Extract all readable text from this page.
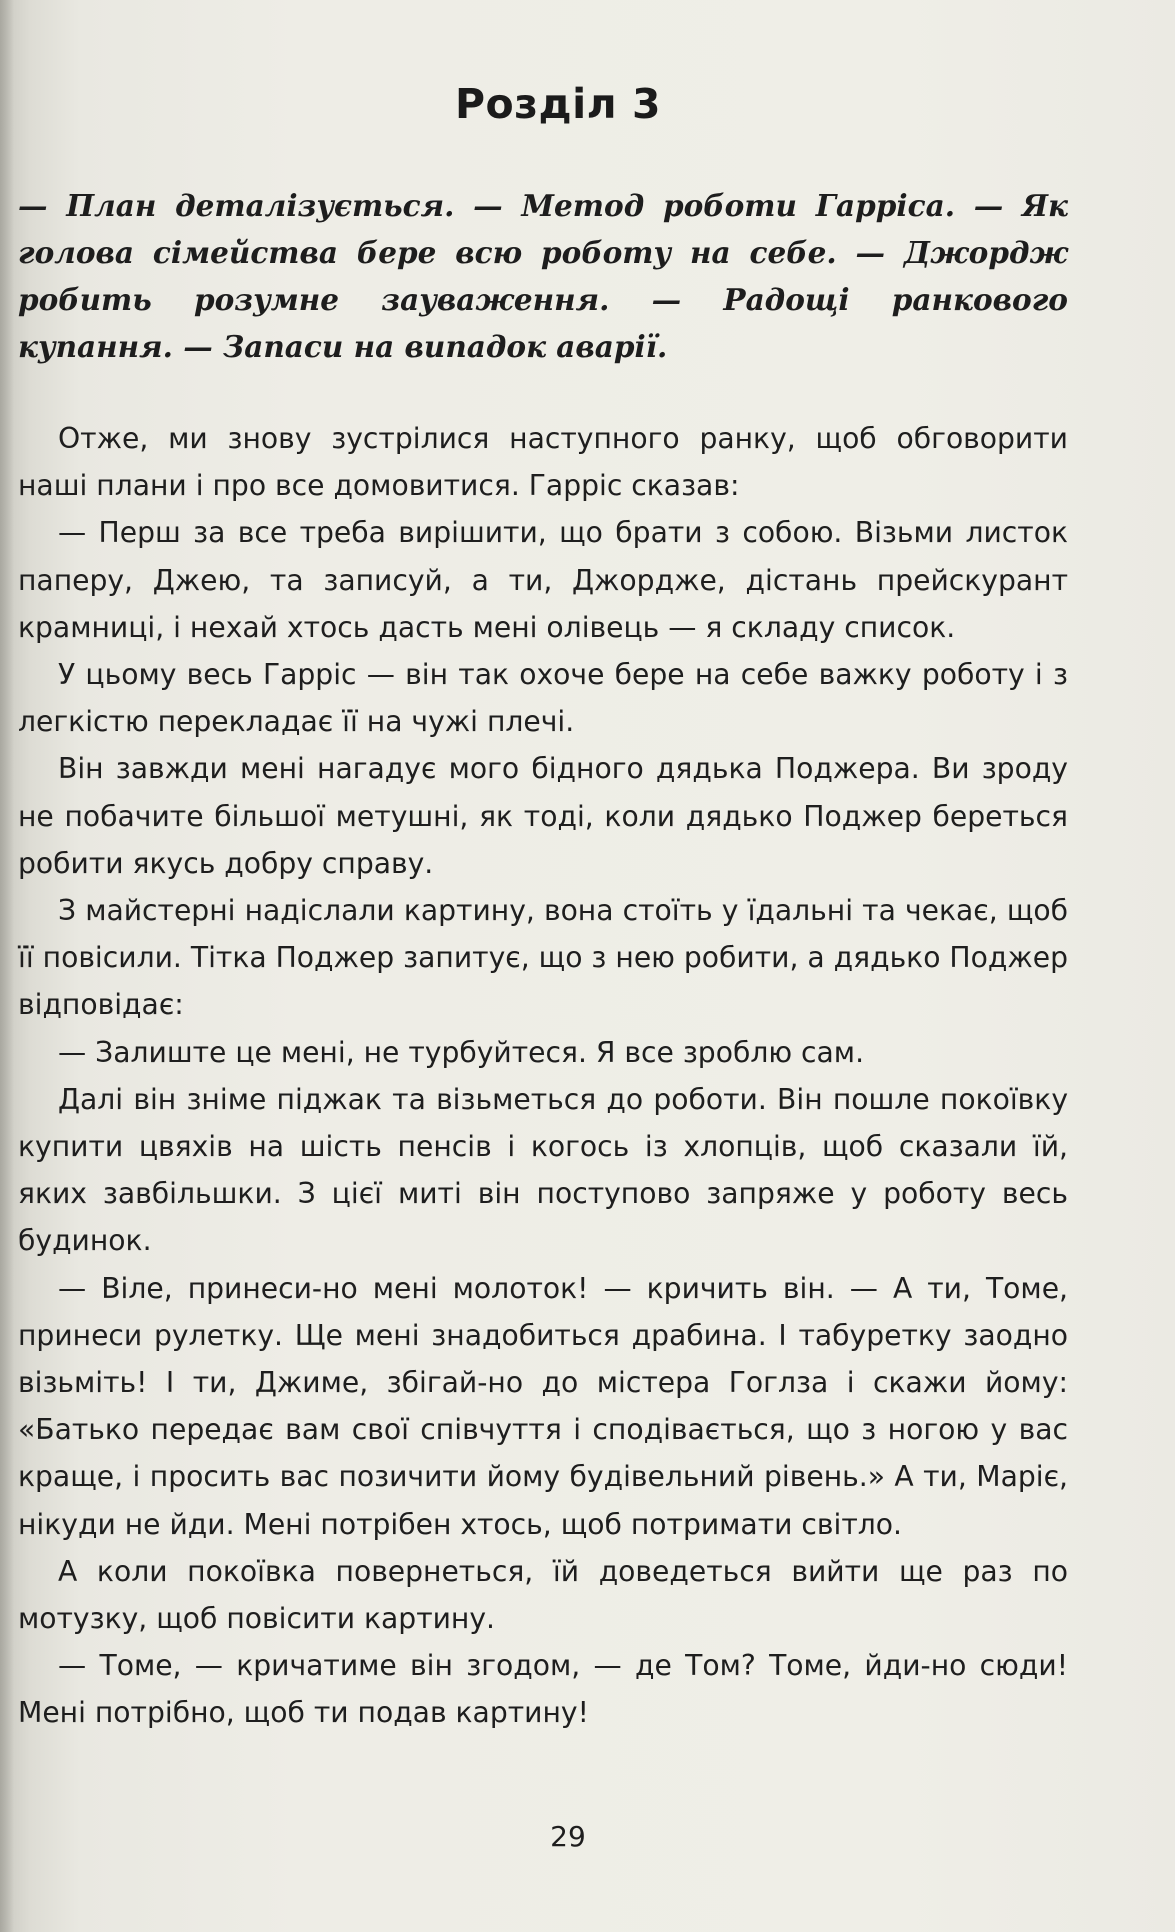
Розділ 3
— План деталізується. — Метод роботи Гарріса. — Як голова сімейства бере всю роботу на себе. — Джордж робить розумне зауваження. — Радощі ранкового купання. — Запаси на випадок аварії.

Отже, ми знову зустрілися наступного ранку, щоб обговорити наші плани і про все домовитися. Гарріс сказав:

— Перш за все треба вирішити, що брати з собою. Візьми листок паперу, Джею, та записуй, а ти, Джордже, дістань прейскурант крамниці, і нехай хтось дасть мені олівець — я складу список.

У цьому весь Гарріс — він так охоче бере на себе важку роботу і з легкістю перекладає її на чужі плечі.

Він завжди мені нагадує мого бідного дядька Поджера. Ви зроду не побачите більшої метушні, як тоді, коли дядько Поджер береться робити якусь добру справу.

З майстерні надіслали картину, вона стоїть у їдальні та чекає, щоб її повісили. Тітка Поджер запитує, що з нею робити, а дядько Поджер відповідає:

— Залиште це мені, не турбуйтеся. Я все зроблю сам.

Далі він зніме піджак та візьметься до роботи. Він пошле покоївку купити цвяхів на шість пенсів і когось із хлопців, щоб сказали їй, яких завбільшки. З цієї миті він поступово запряже у роботу весь будинок.

— Віле, принеси-но мені молоток! — кричить він. — А ти, Томе, принеси рулетку. Ще мені знадобиться драбина. І табуретку заодно візьміть! І ти, Джиме, збігай-но до містера Гоглза і скажи йому: «Батько передає вам свої співчуття і сподівається, що з ногою у вас краще, і просить вас позичити йому будівельний рівень.» А ти, Маріє, нікуди не йди. Мені потрібен хтось, щоб потримати світло.

А коли покоївка повернеться, їй доведеться вийти ще раз по мотузку, щоб повісити картину.

— Томе, — кричатиме він згодом, — де Том? Томе, йди-но сюди! Мені потрібно, щоб ти подав картину!

29
